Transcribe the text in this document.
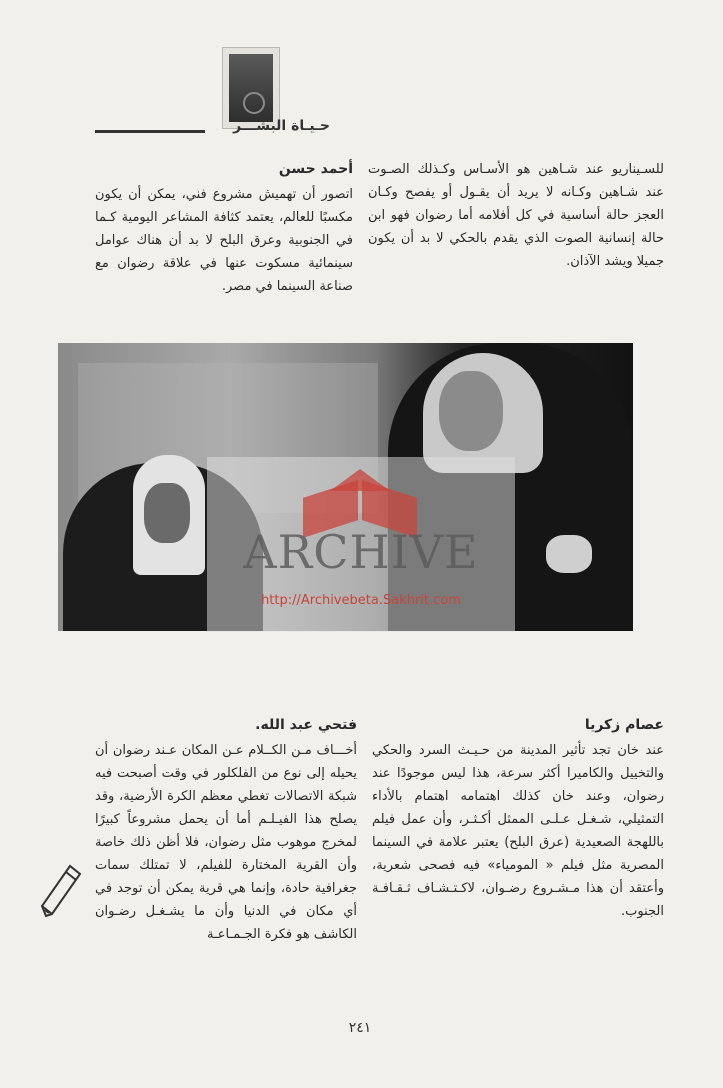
حـيـاة البشـــر

للسـيناريو عند شـاهين هو الأسـاس وكـذلك الصـوت عند شـاهين وكـانه لا يريد أن يقـول أو يفصح وكـان العجز حالة أساسية في كل أفلامه أما رضوان فهو ابن حالة إنسانية الصوت الذي يقدم بالحكي لا بد أن يكون جميلا ويشد الآذان.

أحمد حسن

اتصور أن تهميش مشروع فني، يمكن أن يكون مكسبًا للعالم، يعتمد كثافة المشاعر اليومية كـما في الجنوبية وعرق البلح لا بد أن هناك عوامل سينمائية مسكوت عنها في علاقة رضوان مع صناعة السينما في مصر.

ARCHIVE
http://Archivebeta.Sakhrit.com
عصام زكريا

عند خان تجد تأثير المدينة من حـيـث السرد والحكي والتخييل والكاميرا أكثر سرعة، هذا ليس موجودًا عند رضوان، وعند خان كذلك اهتمامه اهتمام بالأداء التمثيلي، شـغـل عـلـى الممثل أكـثـر، وأن عمل فيلم باللهجة الصعيدية (عرق البلح) يعتبر علامة في السينما المصرية مثل فيلم « المومياء» فيه فصحى شعرية، وأعتقد أن هذا مـشـروع رضـوان، لاكـتـشـاف ثـقـافـة الجنوب.

فتحي عبد الله.

أخـــاف مـن الكــلام عـن المكان عـند رضوان أن يحيله إلى نوع من الفلكلور في وقت أصبحت فيه شبكة الاتصالات تغطي معظم الكرة الأرضية، وقد يصلح هذا الفيـلـم أما أن يحمل مشروعاً كبيرًا لمخرج موهوب مثل رضوان، فلا أظن ذلك خاصة وأن القرية المختارة للفيلم، لا تمتلك سمات جغرافية حادة، وإنما هي قرية يمكن أن توجد في أي مكان في الدنيا وأن ما يشـغـل رضـوان الكاشف هو فكرة الجـمـاعـة

٢٤١
